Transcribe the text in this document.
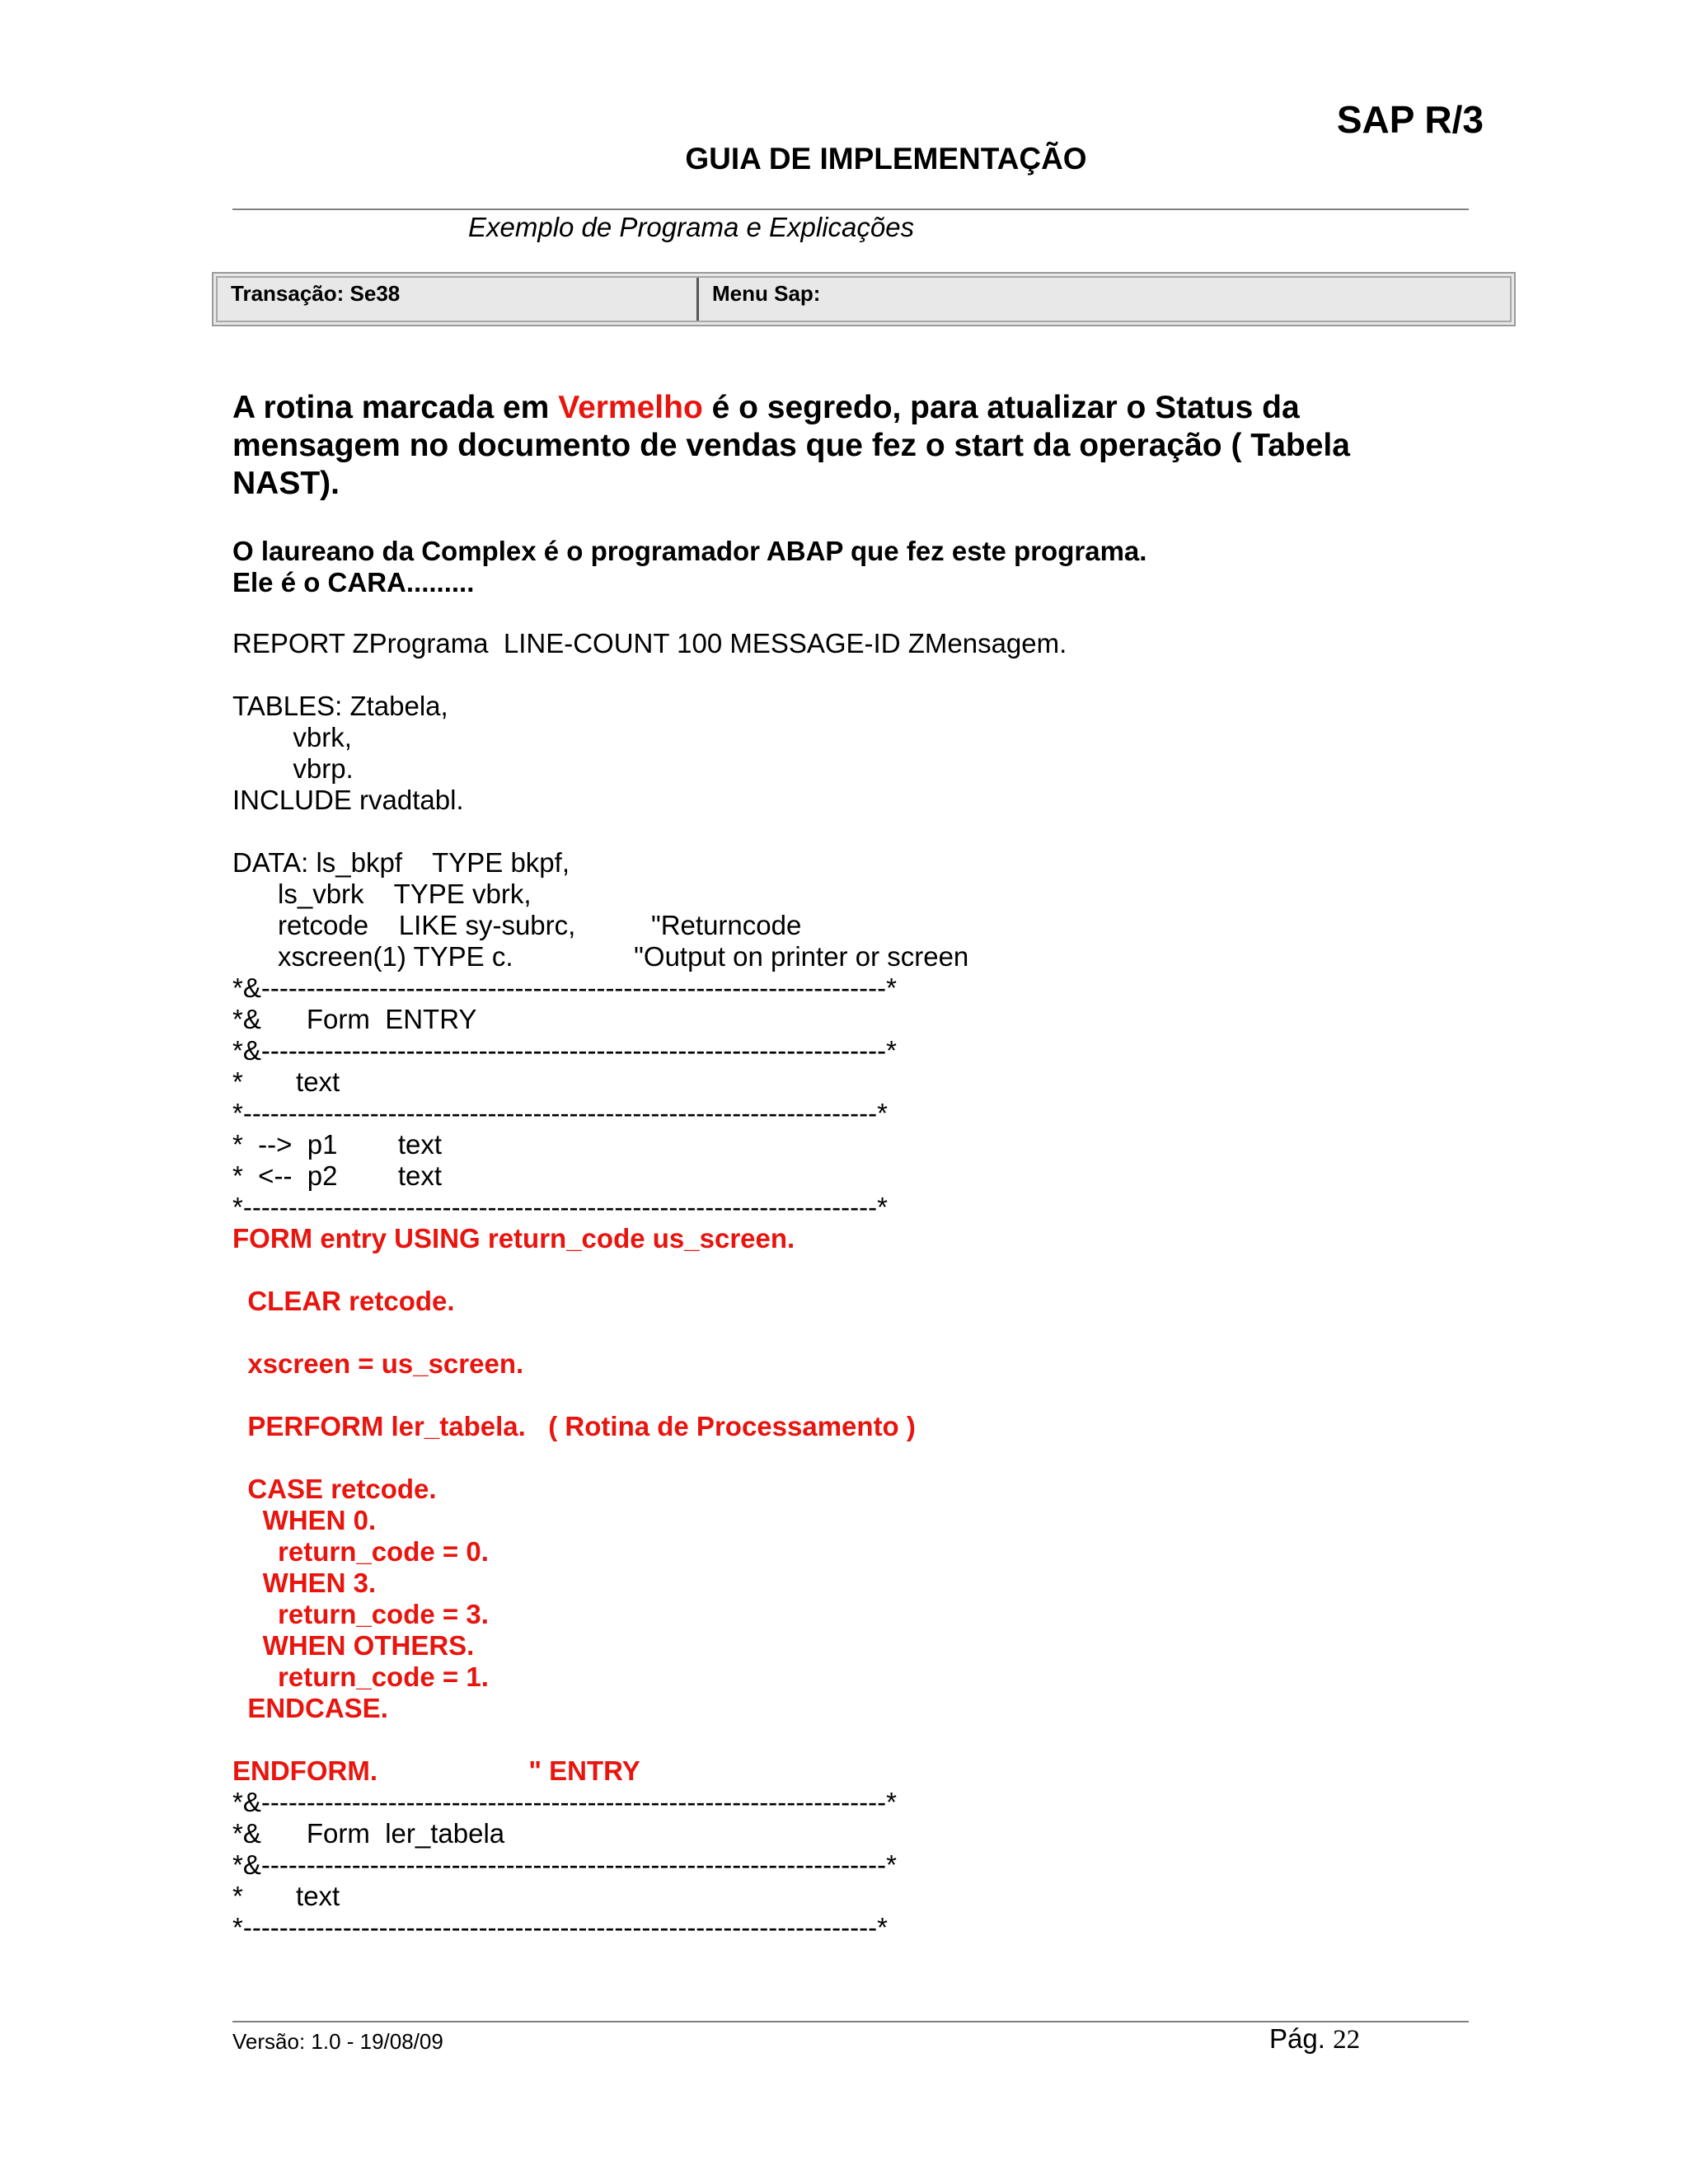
SAP R/3
GUIA DE IMPLEMENTAÇÃO
Exemplo de Programa e Explicações
Transação: Se38	Menu Sap:
A rotina marcada em Vermelho é o segredo, para atualizar o Status da mensagem no documento de vendas que fez o start da operação ( Tabela NAST).
O laureano da Complex é o programador ABAP que fez este programa.
Ele é o CARA.........
REPORT ZPrograma  LINE-COUNT 100 MESSAGE-ID ZMensagem.
TABLES: Ztabela,
vbrk,
vbrp.
INCLUDE rvadtabl.
DATA: ls_bkpf    TYPE bkpf,
ls_vbrk    TYPE vbrk,
retcode    LIKE sy-subrc,          "Returncode
xscreen(1) TYPE c.                "Output on printer or screen
*&---------------------------------------------------------------------*
*&      Form  ENTRY
*&---------------------------------------------------------------------*
*       text
*----------------------------------------------------------------------*
*  -->  p1        text
*  <--  p2        text
*----------------------------------------------------------------------*
FORM entry USING return_code us_screen.
CLEAR retcode.
xscreen = us_screen.
PERFORM ler_tabela.   ( Rotina de Processamento )
CASE retcode.
WHEN 0.
return_code = 0.
WHEN 3.
return_code = 3.
WHEN OTHERS.
return_code = 1.
ENDCASE.
ENDFORM.                    " ENTRY
*&---------------------------------------------------------------------*
*&      Form  ler_tabela
*&---------------------------------------------------------------------*
*       text
*----------------------------------------------------------------------*
Versão: 1.0 - 19/08/09	Pág. 22
